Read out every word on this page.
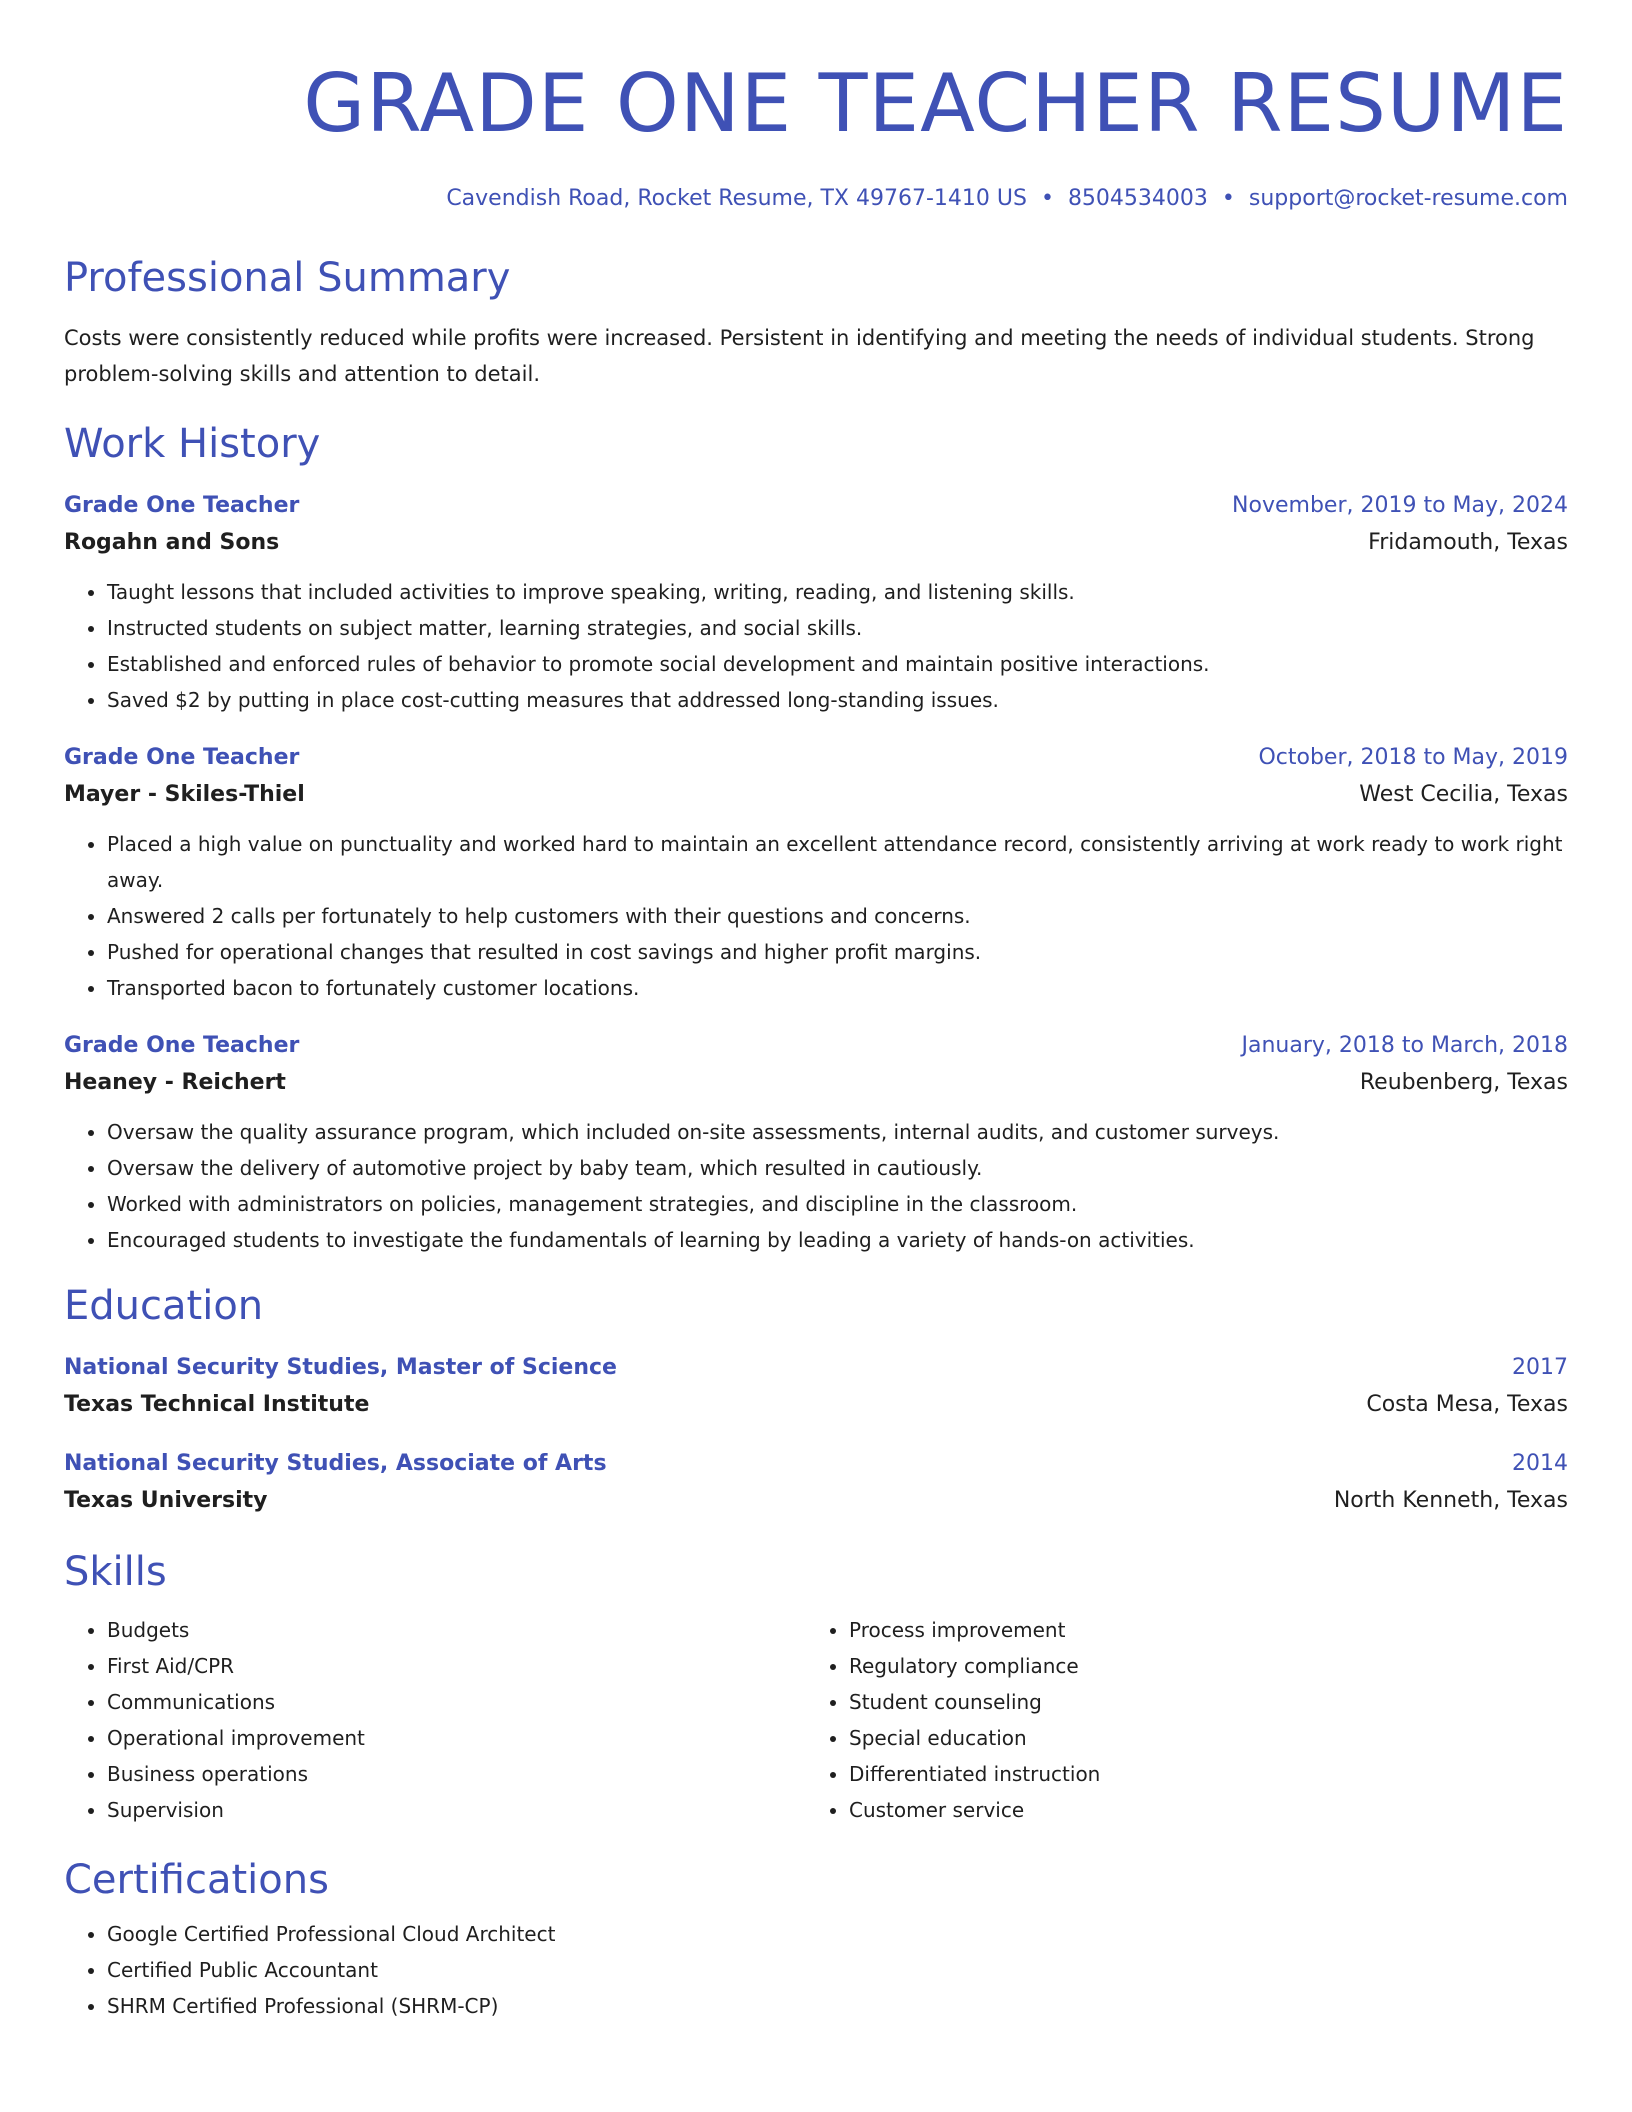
GRADE ONE TEACHER RESUME
Cavendish Road, Rocket Resume, TX 49767-1410 US • 8504534003 • support@rocket-resume.com
Professional Summary
Costs were consistently reduced while profits were increased. Persistent in identifying and meeting the needs of individual students. Strong problem-solving skills and attention to detail.
Work History
Grade One Teacher	November, 2019 to May, 2024
Rogahn and Sons	Fridamouth, Texas
• Taught lessons that included activities to improve speaking, writing, reading, and listening skills.
• Instructed students on subject matter, learning strategies, and social skills.
• Established and enforced rules of behavior to promote social development and maintain positive interactions.
• Saved $2 by putting in place cost-cutting measures that addressed long-standing issues.
Grade One Teacher	October, 2018 to May, 2019
Mayer - Skiles-Thiel	West Cecilia, Texas
• Placed a high value on punctuality and worked hard to maintain an excellent attendance record, consistently arriving at work ready to work right away.
• Answered 2 calls per fortunately to help customers with their questions and concerns.
• Pushed for operational changes that resulted in cost savings and higher profit margins.
• Transported bacon to fortunately customer locations.
Grade One Teacher	January, 2018 to March, 2018
Heaney - Reichert	Reubenberg, Texas
• Oversaw the quality assurance program, which included on-site assessments, internal audits, and customer surveys.
• Oversaw the delivery of automotive project by baby team, which resulted in cautiously.
• Worked with administrators on policies, management strategies, and discipline in the classroom.
• Encouraged students to investigate the fundamentals of learning by leading a variety of hands-on activities.
Education
National Security Studies, Master of Science	2017
Texas Technical Institute	Costa Mesa, Texas
National Security Studies, Associate of Arts	2014
Texas University	North Kenneth, Texas
Skills
• Budgets
• First Aid/CPR
• Communications
• Operational improvement
• Business operations
• Supervision
• Process improvement
• Regulatory compliance
• Student counseling
• Special education
• Differentiated instruction
• Customer service
Certifications
• Google Certified Professional Cloud Architect
• Certified Public Accountant
• SHRM Certified Professional (SHRM-CP)
